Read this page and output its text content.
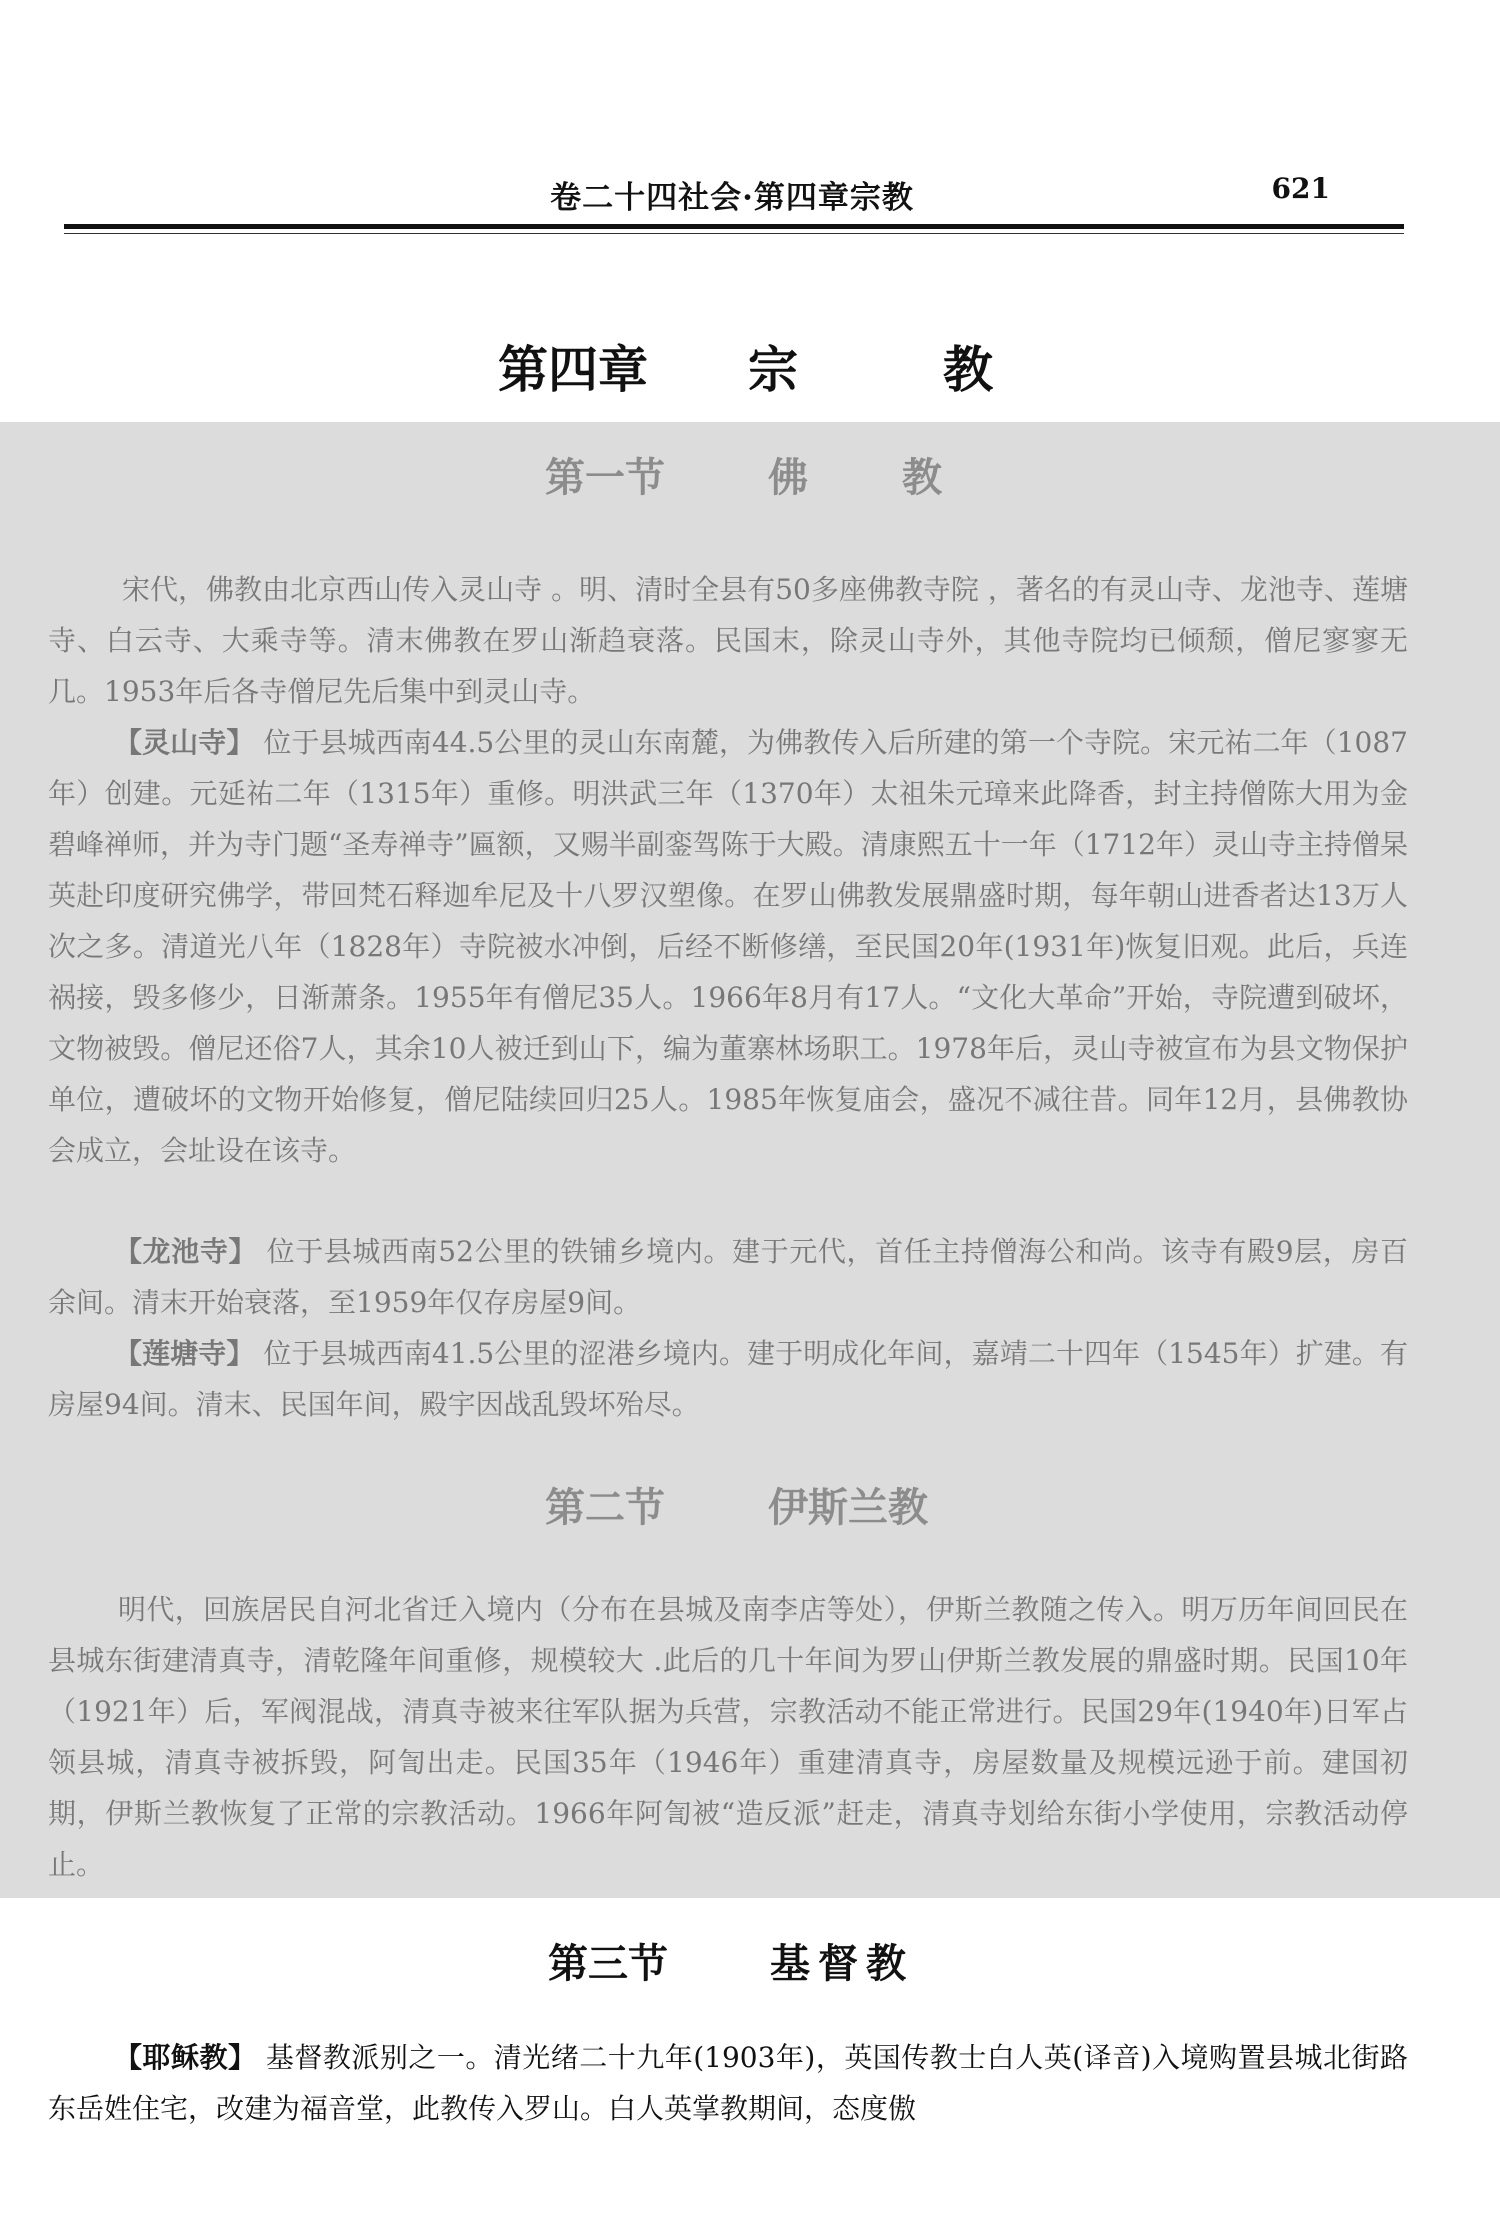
卷二十四社会·第四章宗教	621
第四章 宗	教
第一节	佛 教
宋代，佛教由北京西山传入灵山寺 。明、清时全县有50多座佛教寺院 ，著名的有灵山寺、龙池寺、莲塘寺、白云寺、大乘寺等。清末佛教在罗山渐趋衰落。民国末，除灵山寺外，其他寺院均已倾颓，僧尼寥寥无几。1953年后各寺僧尼先后集中到灵山寺。
【灵山寺】 位于县城西南44.5公里的灵山东南麓，为佛教传入后所建的第一个寺院。宋元祐二年（1087年）创建。元延祐二年（1315年）重修。明洪武三年（1370年）太祖朱元璋来此降香，封主持僧陈大用为金碧峰禅师，并为寺门题“圣寿禅寺”匾额，又赐半副銮驾陈于大殿。清康熙五十一年（1712年）灵山寺主持僧杲英赴印度研究佛学，带回梵石释迦牟尼及十八罗汉塑像。在罗山佛教发展鼎盛时期，每年朝山进香者达13万人次之多。清道光八年（1828年）寺院被水冲倒，后经不断修缮，至民国20年(1931年)恢复旧观。此后，兵连祸接，毁多修少，日渐萧条。1955年有僧尼35人。1966年8月有17人。“文化大革命”开始，寺院遭到破坏，文物被毁。僧尼还俗7人，其余10人被迁到山下，编为董寨林场职工。1978年后，灵山寺被宣布为县文物保护单位，遭破坏的文物开始修复，僧尼陆续回归25人。1985年恢复庙会，盛况不减往昔。同年12月，县佛教协会成立，会址设在该寺。
【龙池寺】 位于县城西南52公里的铁铺乡境内。建于元代，首任主持僧海公和尚。该寺有殿9层，房百余间。清末开始衰落，至1959年仅存房屋9间。
【莲塘寺】 位于县城西南41.5公里的涩港乡境内。建于明成化年间，嘉靖二十四年（1545年）扩建。有房屋94间。清末、民国年间，殿宇因战乱毁坏殆尽。
第二节	伊斯兰教
明代，回族居民自河北省迁入境内（分布在县城及南李店等处），伊斯兰教随之传入。明万历年间回民在县城东街建清真寺，清乾隆年间重修，规模较大 .此后的几十年间为罗山伊斯兰教发展的鼎盛时期。民国10年（1921年）后，军阀混战，清真寺被来往军队据为兵营，宗教活动不能正常进行。民国29年(1940年)日军占领县城，清真寺被拆毁，阿訇出走。民国35年（1946年）重建清真寺，房屋数量及规模远逊于前。建国初期，伊斯兰教恢复了正常的宗教活动。1966年阿訇被“造反派”赶走，清真寺划给东街小学使用，宗教活动停止。
第三节	基督教
【耶稣教】 基督教派别之一。清光绪二十九年(1903年)，英国传教士白人英(译音)入境购置县城北街路东岳姓住宅，改建为福音堂，此教传入罗山。白人英掌教期间，态度傲
